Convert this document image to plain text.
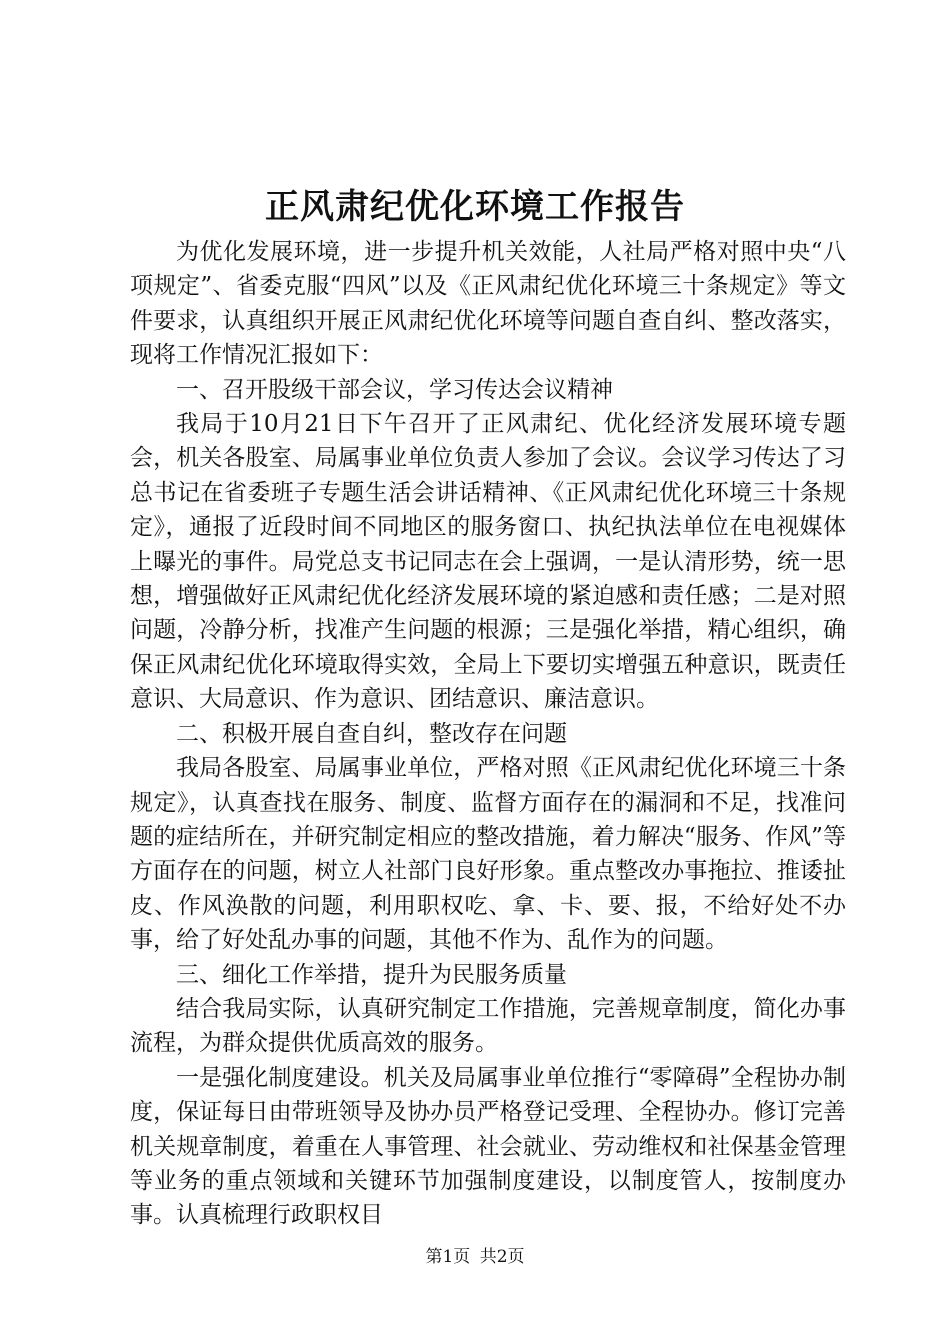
正风肃纪优化环境工作报告

为优化发展环境，进一步提升机关效能，人社局严格对照中央“八项规定”、省委克服“四风”以及《正风肃纪优化环境三十条规定》等文件要求，认真组织开展正风肃纪优化环境等问题自查自纠、整改落实，现将工作情况汇报如下：

一、召开股级干部会议，学习传达会议精神

我局于10月21日下午召开了正风肃纪、优化经济发展环境专题会，机关各股室、局属事业单位负责人参加了会议。会议学习传达了习总书记在省委班子专题生活会讲话精神、《正风肃纪优化环境三十条规定》，通报了近段时间不同地区的服务窗口、执纪执法单位在电视媒体上曝光的事件。局党总支书记同志在会上强调，一是认清形势，统一思想，增强做好正风肃纪优化经济发展环境的紧迫感和责任感；二是对照问题，冷静分析，找准产生问题的根源；三是强化举措，精心组织，确保正风肃纪优化环境取得实效，全局上下要切实增强五种意识，既责任意识、大局意识、作为意识、团结意识、廉洁意识。

二、积极开展自查自纠，整改存在问题

我局各股室、局属事业单位，严格对照《正风肃纪优化环境三十条规定》，认真查找在服务、制度、监督方面存在的漏洞和不足，找准问题的症结所在，并研究制定相应的整改措施，着力解决“服务、作风”等方面存在的问题，树立人社部门良好形象。重点整改办事拖拉、推诿扯皮、作风涣散的问题，利用职权吃、拿、卡、要、报，不给好处不办事，给了好处乱办事的问题，其他不作为、乱作为的问题。

三、细化工作举措，提升为民服务质量

结合我局实际，认真研究制定工作措施，完善规章制度，简化办事流程，为群众提供优质高效的服务。

一是强化制度建设。机关及局属事业单位推行“零障碍”全程协办制度，保证每日由带班领导及协办员严格登记受理、全程协办。修订完善机关规章制度，着重在人事管理、社会就业、劳动维权和社保基金管理等业务的重点领域和关键环节加强制度建设，以制度管人，按制度办事。认真梳理行政职权目

第1页 共2页
